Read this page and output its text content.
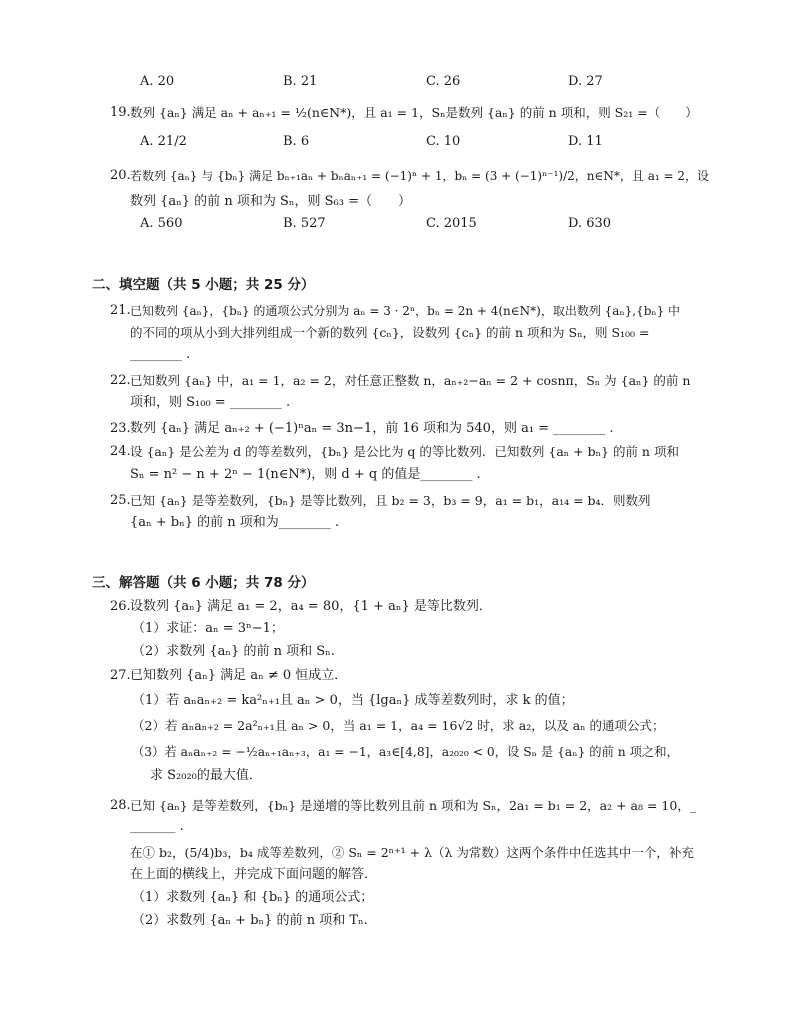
A. 20	B. 21	C. 26	D. 27
19. 数列 {aₙ} 满足 aₙ + aₙ₊₁ = ½(n∈N*)，且 a₁ = 1，Sₙ是数列 {aₙ} 的前 n 项和，则 S₂₁ =（　　）
A. 21/2	B. 6	C. 10	D. 11
20. 若数列 {aₙ} 与 {bₙ} 满足 bₙ₊₁aₙ + bₙaₙ₊₁ = (−1)ⁿ + 1，bₙ = (3 + (−1)ⁿ⁻¹)/2，n∈N*，且 a₁ = 2，设
数列 {aₙ} 的前 n 项和为 Sₙ，则 S₆₃ =（　　）
A. 560	B. 527	C. 2015	D. 630
二、填空题（共 5 小题；共 25 分）
21. 已知数列 {aₙ}，{bₙ} 的通项公式分别为 aₙ = 3 · 2ⁿ，bₙ = 2n + 4(n∈N*)，取出数列 {aₙ},{bₙ} 中
的不同的项从小到大排列组成一个新的数列 {cₙ}，设数列 {cₙ} 的前 n 项和为 Sₙ，则 S₁₀₀ =
________ .
22. 已知数列 {aₙ} 中，a₁ = 1，a₂ = 2，对任意正整数 n，aₙ₊₂−aₙ = 2 + cosnπ，Sₙ 为 {aₙ} 的前 n
项和，则 S₁₀₀ = ________ .
23. 数列 {aₙ} 满足 aₙ₊₂ + (−1)ⁿaₙ = 3n−1，前 16 项和为 540，则 a₁ = ________ .
24. 设 {aₙ} 是公差为 d 的等差数列，{bₙ} 是公比为 q 的等比数列．已知数列 {aₙ + bₙ} 的前 n 项和
Sₙ = n² − n + 2ⁿ − 1(n∈N*)，则 d + q 的值是________ .
25. 已知 {aₙ} 是等差数列，{bₙ} 是等比数列，且 b₂ = 3，b₃ = 9，a₁ = b₁，a₁₄ = b₄．则数列
{aₙ + bₙ} 的前 n 项和为________ .
三、解答题（共 6 小题；共 78 分）
26. 设数列 {aₙ} 满足 a₁ = 2，a₄ = 80，{1 + aₙ} 是等比数列．
（1）求证：aₙ = 3ⁿ−1；
（2）求数列 {aₙ} 的前 n 项和 Sₙ.
27. 已知数列 {aₙ} 满足 aₙ ≠ 0 恒成立．
（1）若 aₙaₙ₊₂ = ka²ₙ₊₁且 aₙ > 0，当 {lgaₙ} 成等差数列时，求 k 的值；
（2）若 aₙaₙ₊₂ = 2a²ₙ₊₁且 aₙ > 0，当 a₁ = 1，a₄ = 16√2 时，求 a₂，以及 aₙ 的通项公式；
（3）若 aₙaₙ₊₂ = −½aₙ₊₁aₙ₊₃，a₁ = −1，a₃∈[4,8]，a₂₀₂₀ < 0，设 Sₙ 是 {aₙ} 的前 n 项之和，
求 S₂₀₂₀的最大值．
28. 已知 {aₙ} 是等差数列，{bₙ} 是递增的等比数列且前 n 项和为 Sₙ，2a₁ = b₁ = 2，a₂ + a₈ = 10，_
_______ .
在① b₂，(5/4)b₃，b₄ 成等差数列，② Sₙ = 2ⁿ⁺¹ + λ（λ 为常数）这两个条件中任选其中一个，补充
在上面的横线上，并完成下面问题的解答．
（1）求数列 {aₙ} 和 {bₙ} 的通项公式；
（2）求数列 {aₙ + bₙ} 的前 n 项和 Tₙ.
